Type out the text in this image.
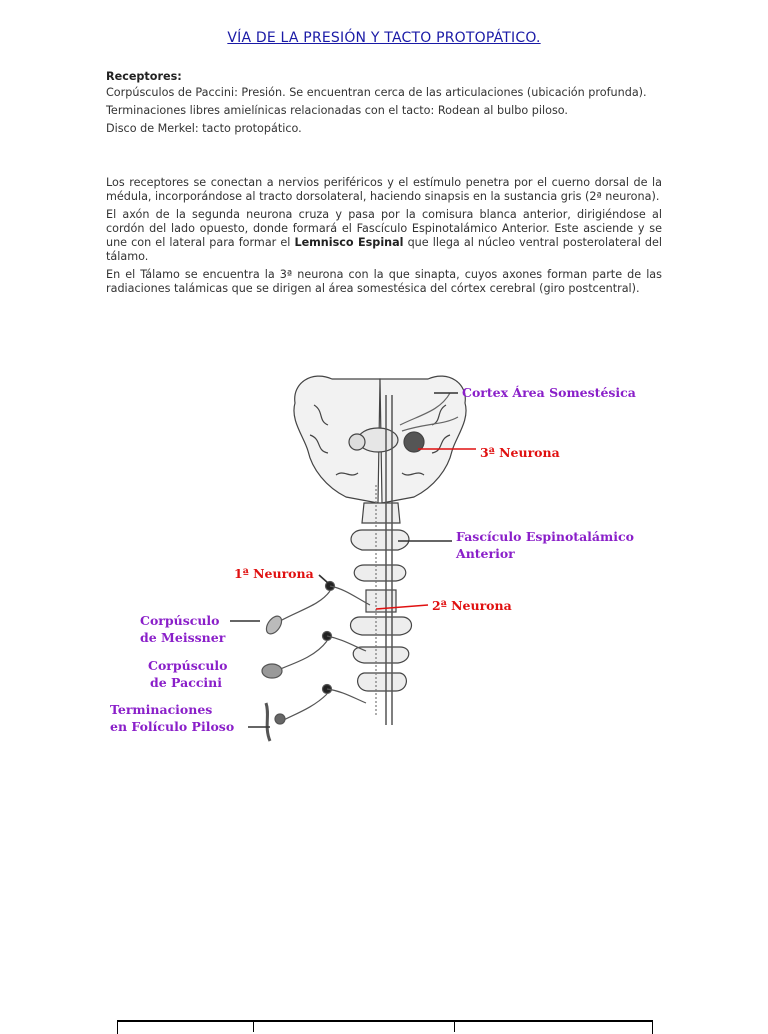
VÍA DE LA PRESIÓN Y TACTO PROTOPÁTICO.
Receptores:

Corpúsculos de Paccini: Presión. Se encuentran cerca de las articulaciones (ubicación profunda).

Terminaciones libres amielínicas relacionadas con el tacto: Rodean al bulbo piloso.

Disco de Merkel: tacto protopático.

Los receptores se conectan a nervios periféricos y el estímulo penetra por el cuerno dorsal de la médula, incorporándose al tracto dorsolateral, haciendo sinapsis en la sustancia gris (2ª neurona).

El axón de la segunda neurona cruza y pasa por la comisura blanca anterior, dirigiéndose al cordón del lado opuesto, donde formará el Fascículo Espinotalámico Anterior. Este asciende y se une con el lateral para formar el Lemnisco Espinal que llega al núcleo ventral posterolateral del tálamo.

En el Tálamo se encuentra la 3ª neurona con la que sinapta, cuyos axones forman parte de las radiaciones talámicas que se dirigen al área somestésica del córtex cerebral (giro postcentral).

Cortex Área Somestésica
3ª Neurona
Fascículo Espinotalámico
Anterior
1ª Neurona
2ª Neurona
Corpúsculo
de Meissner
Corpúsculo
de Paccini
Terminaciones
en Folículo Piloso
